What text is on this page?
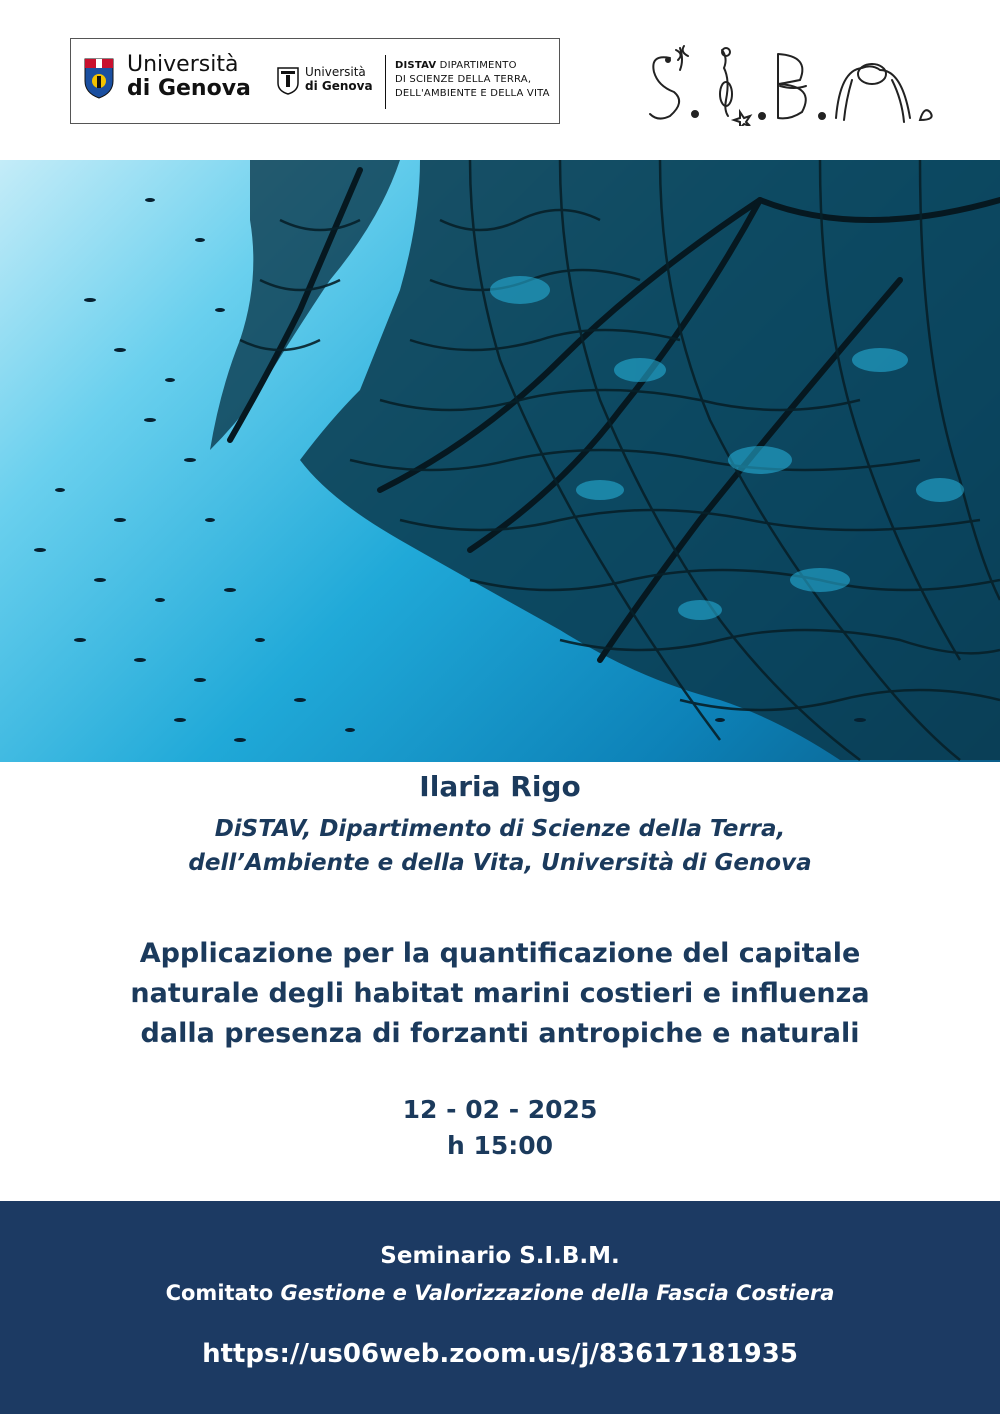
Università
di Genova
Università
di Genova
DISTAV DIPARTIMENTO
DI SCIENZE DELLA TERRA,
DELL'AMBIENTE E DELLA VITA
S.I.B.M.
Ilaria Rigo
DiSTAV, Dipartimento di Scienze della Terra,
dell’Ambiente e della Vita, Università di Genova
Applicazione per la quantificazione del capitale
naturale degli habitat marini costieri e influenza
dalla presenza di forzanti antropiche e naturali
12 - 02 - 2025
h 15:00
Seminario S.I.B.M.
Comitato Gestione e Valorizzazione della Fascia Costiera
https://us06web.zoom.us/j/83617181935
